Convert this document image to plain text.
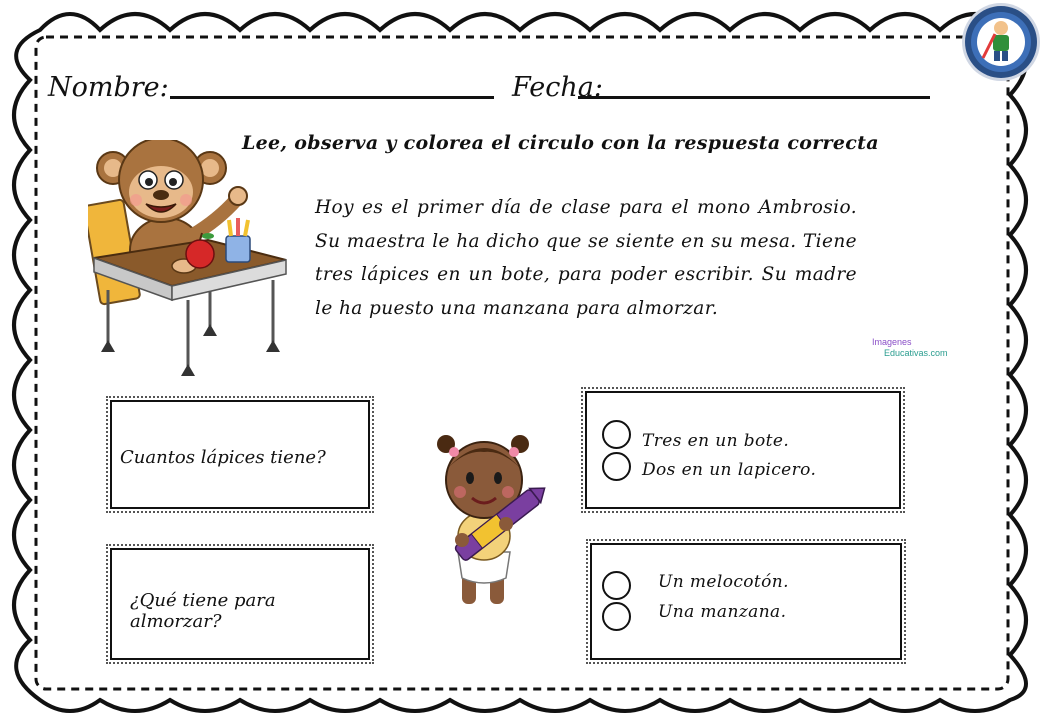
Nombre:	Fecha:
Lee, observa y colorea el circulo con la respuesta correcta
Hoy es el primer día de clase para el mono Ambrosio. Su maestra le ha dicho que se siente en su mesa. Tiene tres lápices en un bote, para poder escribir. Su madre le ha puesto una manzana para almorzar.
Imagenes
Educativas.com
Cuantos lápices tiene?
¿Qué tiene para almorzar?
Tres en un bote.
Dos en un lapicero.
Un melocotón.
Una manzana.
